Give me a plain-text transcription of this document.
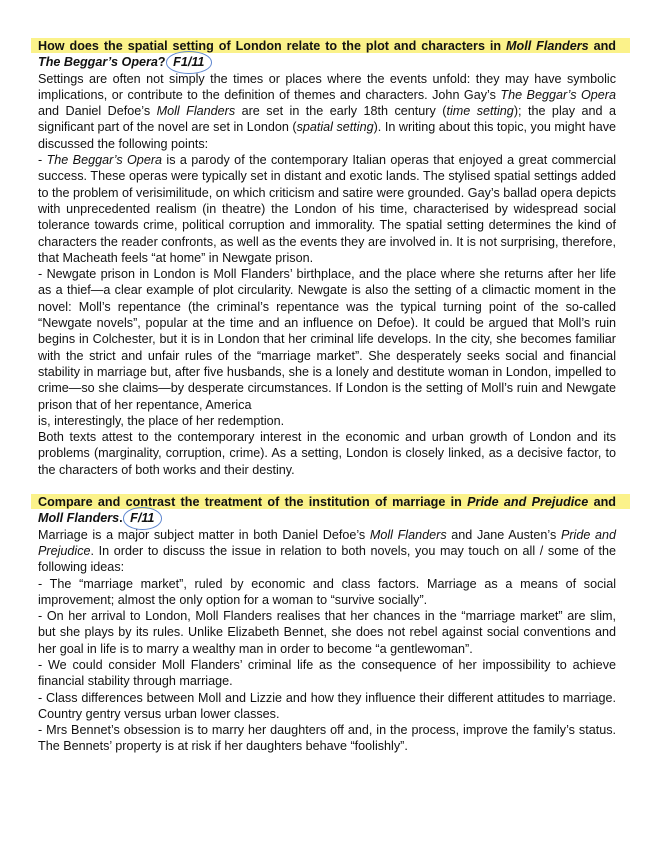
How does the spatial setting of London relate to the plot and characters in Moll Flanders and The Beggar’s Opera? F1/11

Settings are often not simply the times or places where the events unfold: they may have symbolic implications, or contribute to the definition of themes and characters. John Gay’s The Beggar’s Opera and Daniel Defoe’s Moll Flanders are set in the early 18th century (time setting); the play and a significant part of the novel are set in London (spatial setting). In writing about this topic, you might have discussed the following points:

- The Beggar’s Opera is a parody of the contemporary Italian operas that enjoyed a great commercial success. These operas were typically set in distant and exotic lands. The stylised spatial settings added to the problem of verisimilitude, on which criticism and satire were grounded. Gay’s ballad opera depicts with unprecedented realism (in theatre) the London of his time, characterised by widespread social tolerance towards crime, political corruption and immorality. The spatial setting determines the kind of characters the reader confronts, as well as the events they are involved in. It is not surprising, therefore, that Macheath feels “at home” in Newgate prison.

- Newgate prison in London is Moll Flanders’ birthplace, and the place where she returns after her life as a thief—a clear example of plot circularity. Newgate is also the setting of a climactic moment in the novel: Moll’s repentance (the criminal’s repentance was the typical turning point of the so-called “Newgate novels”, popular at the time and an influence on Defoe). It could be argued that Moll’s ruin begins in Colchester, but it is in London that her criminal life develops. In the city, she becomes familiar with the strict and unfair rules of the “marriage market”. She desperately seeks social and financial stability in marriage but, after five husbands, she is a lonely and destitute woman in London, impelled to crime—so she claims—by desperate circumstances. If London is the setting of Moll’s ruin and Newgate prison that of her repentance, America

is, interestingly, the place of her redemption.

Both texts attest to the contemporary interest in the economic and urban growth of London and its problems (marginality, corruption, crime). As a setting, London is closely linked, as a decisive factor, to the characters of both works and their destiny.

Compare and contrast the treatment of the institution of marriage in Pride and Prejudice and Moll Flanders. F/11

Marriage is a major subject matter in both Daniel Defoe’s Moll Flanders and Jane Austen’s Pride and Prejudice. In order to discuss the issue in relation to both novels, you may touch on all / some of the following ideas:

- The “marriage market”, ruled by economic and class factors. Marriage as a means of social improvement; almost the only option for a woman to “survive socially”.

- On her arrival to London, Moll Flanders realises that her chances in the “marriage market” are slim, but she plays by its rules. Unlike Elizabeth Bennet, she does not rebel against social conventions and her goal in life is to marry a wealthy man in order to become “a gentlewoman”.

- We could consider Moll Flanders’ criminal life as the consequence of her impossibility to achieve financial stability through marriage.

- Class differences between Moll and Lizzie and how they influence their different attitudes to marriage. Country gentry versus urban lower classes.

- Mrs Bennet’s obsession is to marry her daughters off and, in the process, improve the family’s status. The Bennets’ property is at risk if her daughters behave “foolishly”.
